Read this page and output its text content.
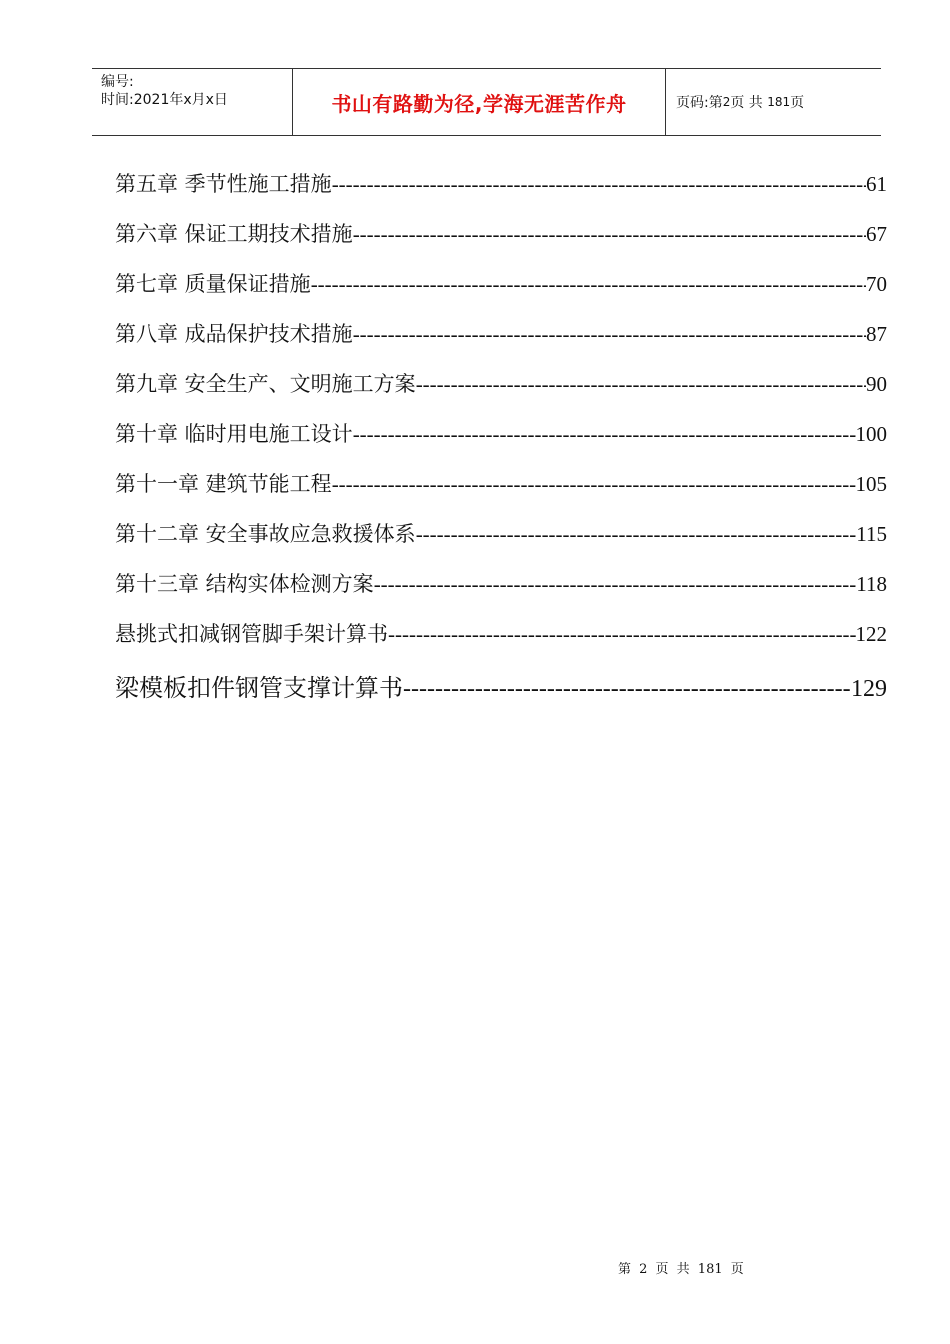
编号:
时间:2021年x月x日	书山有路勤为径,学海无涯苦作舟	页码:第 2 页 共
181 页
第五章 季节性施工措施 -----	61
第六章 保证工期技术措施 -----	67
第七章 质量保证措施 -----	70
第八章 成品保护技术措施 -----	87
第九章 安全生产、文明施工方案 -----	90
第十章 临时用电施工设计 -----	100
第十一章 建筑节能工程 -----	105
第十二章 安全事故应急救援体系 -----	115
第十三章 结构实体检测方案 -----	118
悬挑式扣减钢管脚手架计算书 -----	122
梁模板扣件钢管支撑计算书 -----	129
第 2 页 共 181 页
